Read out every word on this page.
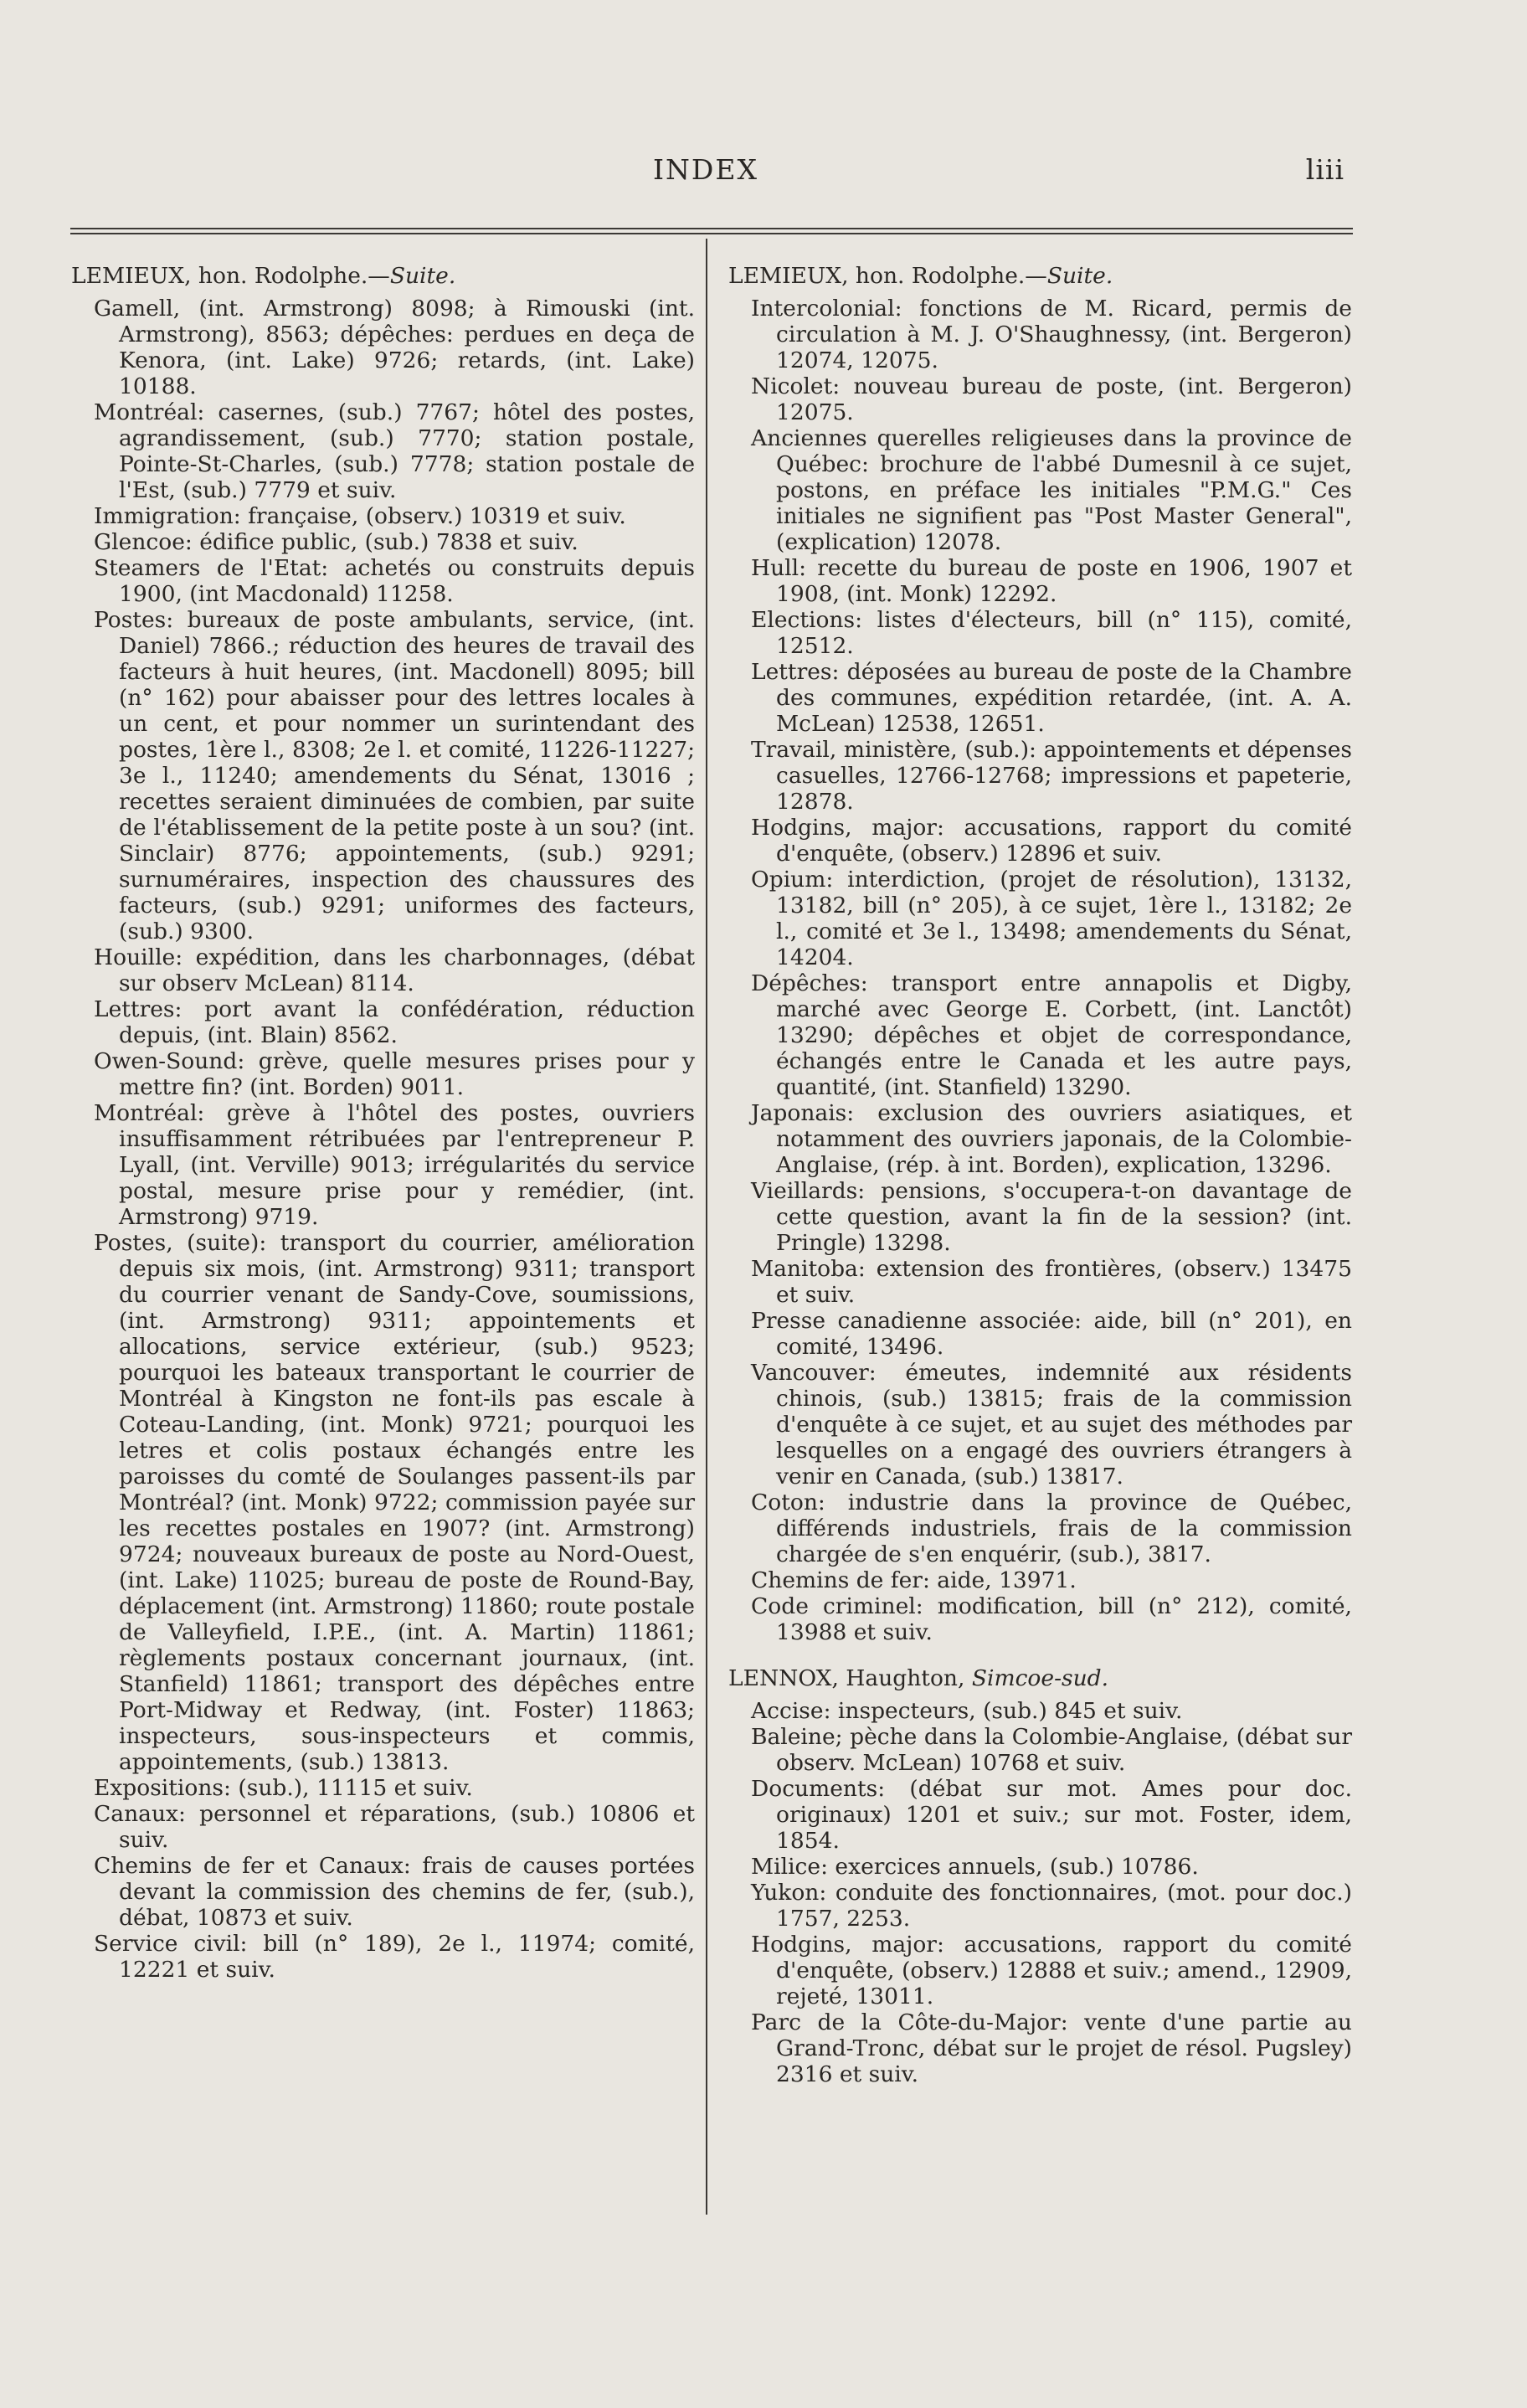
INDEX	liii
LEMIEUX, hon. Rodolphe.—Suite.

Gamell, (int. Armstrong) 8098; à Rimouski (int. Armstrong), 8563; dépêches: perdues en deça de Kenora, (int. Lake) 9726; retards, (int. Lake) 10188.

Montréal: casernes, (sub.) 7767; hôtel des postes, agrandissement, (sub.) 7770; station postale, Pointe-St-Charles, (sub.) 7778; station postale de l'Est, (sub.) 7779 et suiv.

Immigration: française, (observ.) 10319 et suiv.

Glencoe: édifice public, (sub.) 7838 et suiv.

Steamers de l'Etat: achetés ou construits depuis 1900, (int Macdonald) 11258.

Postes: bureaux de poste ambulants, service, (int. Daniel) 7866.; réduction des heures de travail des facteurs à huit heures, (int. Macdonell) 8095; bill (n° 162) pour abaisser pour des lettres locales à un cent, et pour nommer un surintendant des postes, 1ère l., 8308; 2e l. et comité, 11226-11227; 3e l., 11240; amendements du Sénat, 13016 ; recettes seraient diminuées de combien, par suite de l'établissement de la petite poste à un sou? (int. Sinclair) 8776; appointements, (sub.) 9291; surnuméraires, inspection des chaussures des facteurs, (sub.) 9291; uniformes des facteurs, (sub.) 9300.

Houille: expédition, dans les charbonnages, (débat sur observ McLean) 8114.

Lettres: port avant la confédération, réduction depuis, (int. Blain) 8562.

Owen-Sound: grève, quelle mesures prises pour y mettre fin? (int. Borden) 9011.

Montréal: grève à l'hôtel des postes, ouvriers insuffisamment rétribuées par l'entrepreneur P. Lyall, (int. Verville) 9013; irrégularités du service postal, mesure prise pour y remédier, (int. Armstrong) 9719.

Postes, (suite): transport du courrier, amélioration depuis six mois, (int. Armstrong) 9311; transport du courrier venant de Sandy-Cove, soumissions, (int. Armstrong) 9311; appointements et allocations, service extérieur, (sub.) 9523; pourquoi les bateaux transportant le courrier de Montréal à Kingston ne font-ils pas escale à Coteau-Landing, (int. Monk) 9721; pourquoi les letres et colis postaux échangés entre les paroisses du comté de Soulanges passent-ils par Montréal? (int. Monk) 9722; commission payée sur les recettes postales en 1907? (int. Armstrong) 9724; nouveaux bureaux de poste au Nord-Ouest, (int. Lake) 11025; bureau de poste de Round-Bay, déplacement (int. Armstrong) 11860; route postale de Valleyfield, I.P.E., (int. A. Martin) 11861; règlements postaux concernant journaux, (int. Stanfield) 11861; transport des dépêches entre Port-Midway et Redway, (int. Foster) 11863; inspecteurs, sous-inspecteurs et commis, appointements, (sub.) 13813.

Expositions: (sub.), 11115 et suiv.

Canaux: personnel et réparations, (sub.) 10806 et suiv.

Chemins de fer et Canaux: frais de causes portées devant la commission des chemins de fer, (sub.), débat, 10873 et suiv.

Service civil: bill (n° 189), 2e l., 11974; comité, 12221 et suiv.

LEMIEUX, hon. Rodolphe.—Suite.

Intercolonial: fonctions de M. Ricard, permis de circulation à M. J. O'Shaughnessy, (int. Bergeron) 12074, 12075.

Nicolet: nouveau bureau de poste, (int. Bergeron) 12075.

Anciennes querelles religieuses dans la province de Québec: brochure de l'abbé Dumesnil à ce sujet, postons, en préface les initiales "P.M.G." Ces initiales ne signifient pas "Post Master General", (explication) 12078.

Hull: recette du bureau de poste en 1906, 1907 et 1908, (int. Monk) 12292.

Elections: listes d'électeurs, bill (n° 115), comité, 12512.

Lettres: déposées au bureau de poste de la Chambre des communes, expédition retardée, (int. A. A. McLean) 12538, 12651.

Travail, ministère, (sub.): appointements et dépenses casuelles, 12766-12768; impressions et papeterie, 12878.

Hodgins, major: accusations, rapport du comité d'enquête, (observ.) 12896 et suiv.

Opium: interdiction, (projet de résolution), 13132, 13182, bill (n° 205), à ce sujet, 1ère l., 13182; 2e l., comité et 3e l., 13498; amendements du Sénat, 14204.

Dépêches: transport entre annapolis et Digby, marché avec George E. Corbett, (int. Lanctôt) 13290; dépêches et objet de correspondance, échangés entre le Canada et les autre pays, quantité, (int. Stanfield) 13290.

Japonais: exclusion des ouvriers asiatiques, et notamment des ouvriers japonais, de la Colombie-Anglaise, (rép. à int. Borden), explication, 13296.

Vieillards: pensions, s'occupera-t-on davantage de cette question, avant la fin de la session? (int. Pringle) 13298.

Manitoba: extension des frontières, (observ.) 13475 et suiv.

Presse canadienne associée: aide, bill (n° 201), en comité, 13496.

Vancouver: émeutes, indemnité aux résidents chinois, (sub.) 13815; frais de la commission d'enquête à ce sujet, et au sujet des méthodes par lesquelles on a engagé des ouvriers étrangers à venir en Canada, (sub.) 13817.

Coton: industrie dans la province de Québec, différends industriels, frais de la commission chargée de s'en enquérir, (sub.), 3817.

Chemins de fer: aide, 13971.

Code criminel: modification, bill (n° 212), comité, 13988 et suiv.

LENNOX, Haughton, Simcoe-sud.

Accise: inspecteurs, (sub.) 845 et suiv.

Baleine; pèche dans la Colombie-Anglaise, (débat sur observ. McLean) 10768 et suiv.

Documents: (débat sur mot. Ames pour doc. originaux) 1201 et suiv.; sur mot. Foster, idem, 1854.

Milice: exercices annuels, (sub.) 10786.

Yukon: conduite des fonctionnaires, (mot. pour doc.) 1757, 2253.

Hodgins, major: accusations, rapport du comité d'enquête, (observ.) 12888 et suiv.; amend., 12909, rejeté, 13011.

Parc de la Côte-du-Major: vente d'une partie au Grand-Tronc, débat sur le projet de résol. Pugsley) 2316 et suiv.
